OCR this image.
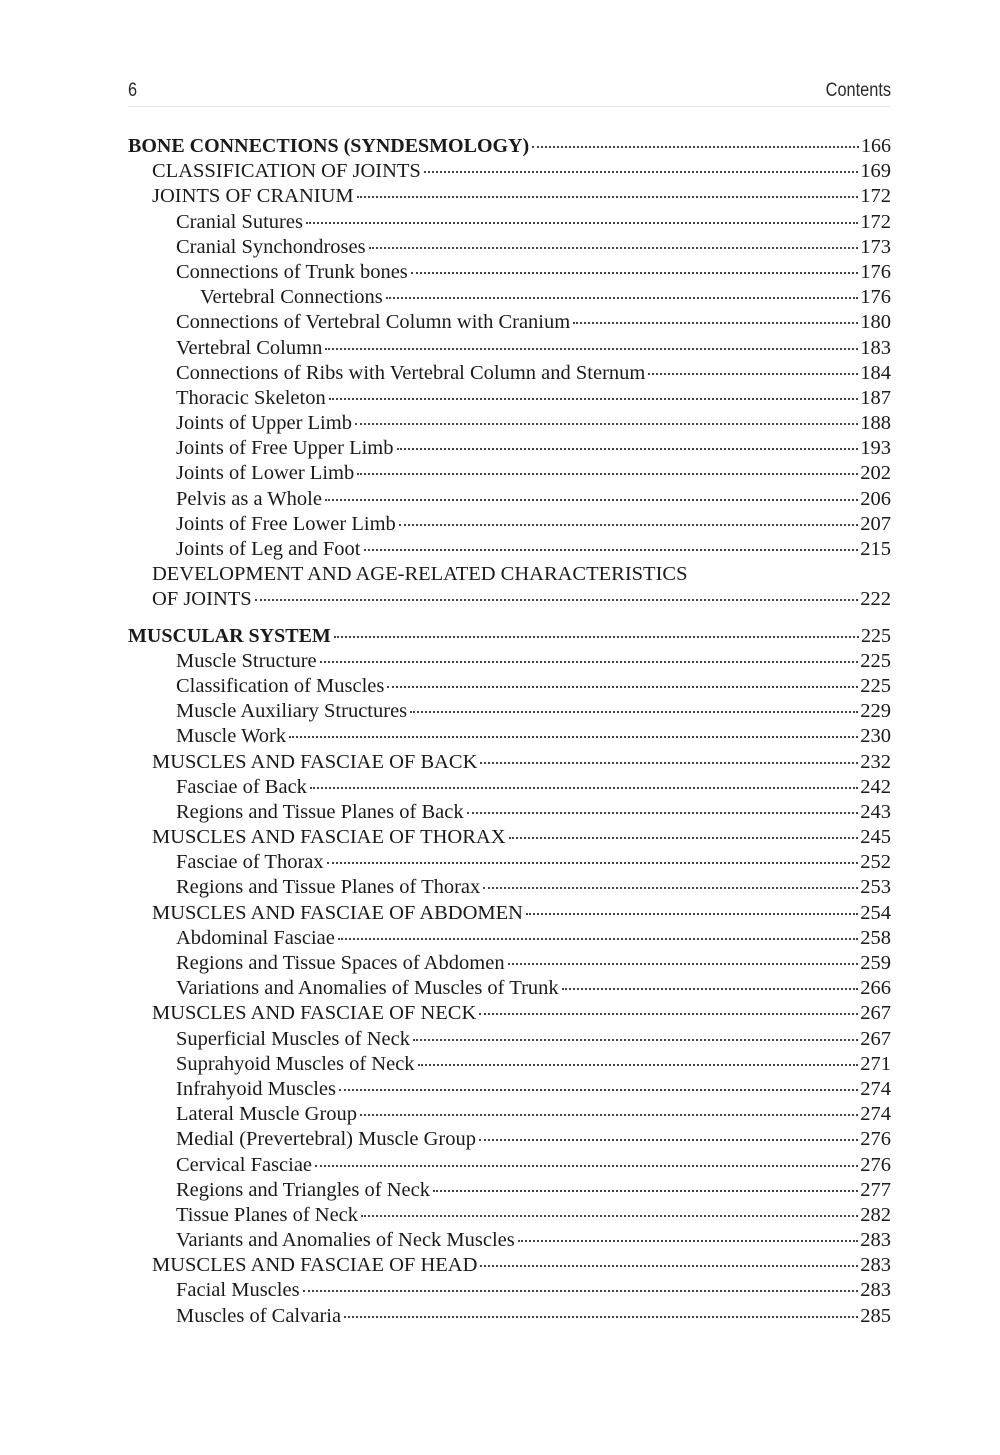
6	Contents
BONE CONNECTIONS (SYNDESMOLOGY)	166
CLASSIFICATION OF JOINTS	169
JOINTS OF CRANIUM	172
Cranial Sutures	172
Cranial Synchondroses	173
Connections of Trunk bones	176
Vertebral Connections	176
Connections of Vertebral Column with Cranium	180
Vertebral Column	183
Connections of Ribs with Vertebral Column and Sternum	184
Thoracic Skeleton	187
Joints of Upper Limb	188
Joints of Free Upper Limb	193
Joints of Lower Limb	202
Pelvis as a Whole	206
Joints of Free Lower Limb	207
Joints of Leg and Foot	215
DEVELOPMENT AND AGE-RELATED CHARACTERISTICS
OF JOINTS	222
MUSCULAR SYSTEM	225
Muscle Structure	225
Classification of Muscles	225
Muscle Auxiliary Structures	229
Muscle Work	230
MUSCLES AND FASCIAE OF BACK	232
Fasciae of Back	242
Regions and Tissue Planes of Back	243
MUSCLES AND FASCIAE OF THORAX	245
Fasciae of Thorax	252
Regions and Tissue Planes of Thorax	253
MUSCLES AND FASCIAE OF ABDOMEN	254
Abdominal Fasciae	258
Regions and Tissue Spaces of Abdomen	259
Variations and Anomalies of Muscles of Trunk	266
MUSCLES AND FASCIAE OF NECK	267
Superficial Muscles of Neck	267
Suprahyoid Muscles of Neck	271
Infrahyoid Muscles	274
Lateral Muscle Group	274
Medial (Prevertebral) Muscle Group	276
Cervical Fasciae	276
Regions and Triangles of Neck	277
Tissue Planes of Neck	282
Variants and Anomalies of Neck Muscles	283
MUSCLES AND FASCIAE OF HEAD	283
Facial Muscles	283
Muscles of Calvaria	285
